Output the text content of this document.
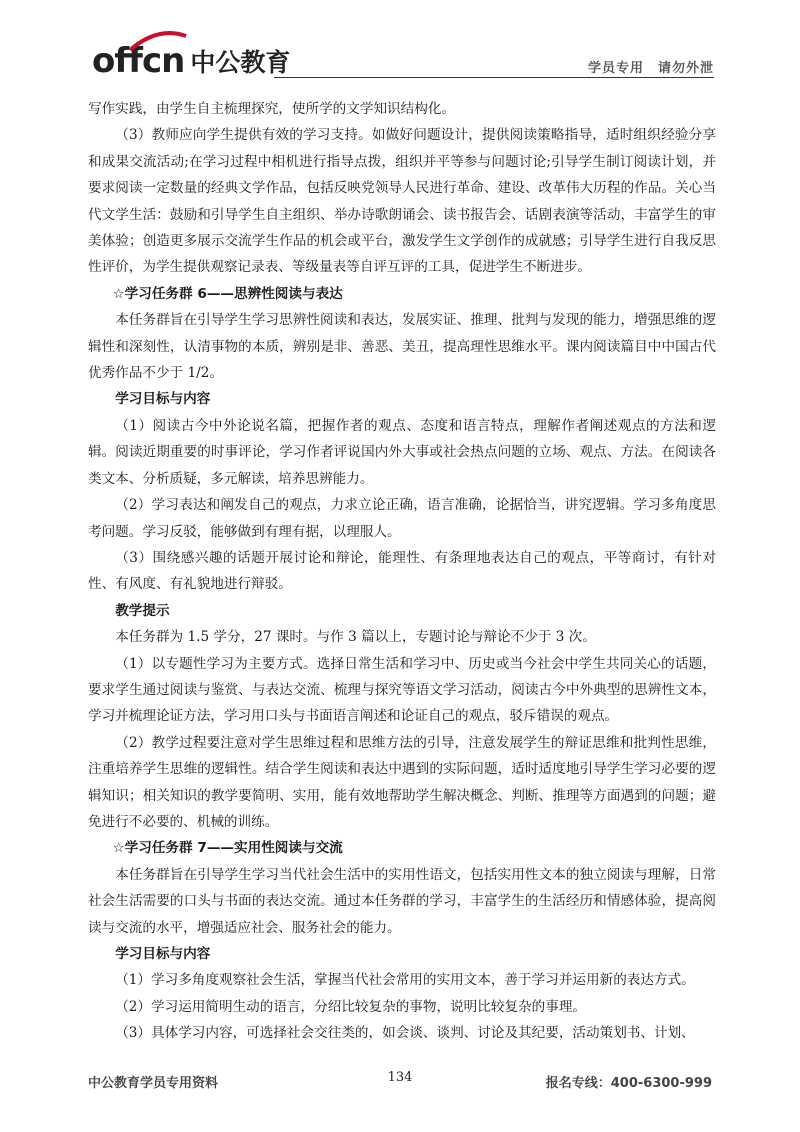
offcn 中公教育	学员专用 请勿外泄

写作实践，由学生自主梳理探究，使所学的文学知识结构化。

（3）教师应向学生提供有效的学习支持。如做好问题设计，提供阅读策略指导，适时组织经验分享和成果交流活动;在学习过程中相机进行指导点拨，组织并平等参与问题讨论;引导学生制订阅读计划，并要求阅读一定数量的经典文学作品，包括反映党领导人民进行革命、建设、改革伟大历程的作品。关心当代文学生活：鼓励和引导学生自主组织、举办诗歌朗诵会、读书报告会、话剧表演等活动，丰富学生的审美体验；创造更多展示交流学生作品的机会或平台，激发学生文学创作的成就感；引导学生进行自我反思性评价，为学生提供观察记录表、等级量表等自评互评的工具，促进学生不断进步。

☆学习任务群 6——思辨性阅读与表达

本任务群旨在引导学生学习思辨性阅读和表达，发展实证、推理、批判与发现的能力，增强思维的逻辑性和深刻性，认清事物的本质，辨别是非、善恶、美丑，提高理性思维水平。课内阅读篇目中中国古代优秀作品不少于 1/2。

学习目标与内容

（1）阅读古今中外论说名篇，把握作者的观点、态度和语言特点，理解作者阐述观点的方法和逻辑。阅读近期重要的时事评论，学习作者评说国内外大事或社会热点问题的立场、观点、方法。在阅读各类文本、分析质疑，多元解读，培养思辨能力。

（2）学习表达和阐发自己的观点，力求立论正确，语言准确，论据恰当，讲究逻辑。学习多角度思考问题。学习反驳，能够做到有理有据，以理服人。

（3）围绕感兴趣的话题开展讨论和辩论，能理性、有条理地表达自己的观点，平等商讨，有针对性、有风度、有礼貌地进行辩驳。

教学提示

本任务群为 1.5 学分，27 课时。与作 3 篇以上，专题讨论与辩论不少于 3 次。

（1）以专题性学习为主要方式。选择日常生活和学习中、历史或当今社会中学生共同关心的话题，要求学生通过阅读与鉴赏、与表达交流、梳理与探究等语文学习活动，阅读古今中外典型的思辨性文本，学习并梳理论证方法，学习用口头与书面语言阐述和论证自己的观点，驳斥错误的观点。

（2）教学过程要注意对学生思维过程和思维方法的引导，注意发展学生的辩证思维和批判性思维，注重培养学生思维的逻辑性。结合学生阅读和表达中遇到的实际问题，适时适度地引导学生学习必要的逻辑知识；相关知识的教学要简明、实用，能有效地帮助学生解决概念、判断、推理等方面遇到的问题；避免进行不必要的、机械的训练。

☆学习任务群 7——实用性阅读与交流

本任务群旨在引导学生学习当代社会生活中的实用性语文，包括实用性文本的独立阅读与理解，日常社会生活需要的口头与书面的表达交流。通过本任务群的学习，丰富学生的生活经历和情感体验，提高阅读与交流的水平，增强适应社会、服务社会的能力。

学习目标与内容

（1）学习多角度观察社会生活，掌握当代社会常用的实用文本，善于学习并运用新的表达方式。

（2）学习运用简明生动的语言，分绍比较复杂的事物，说明比较复杂的事理。

（3）具体学习内容，可选择社会交往类的，如会谈、谈判、讨论及其纪要，活动策划书、计划、

中公教育学员专用资料	134	报名专线：400-6300-999
